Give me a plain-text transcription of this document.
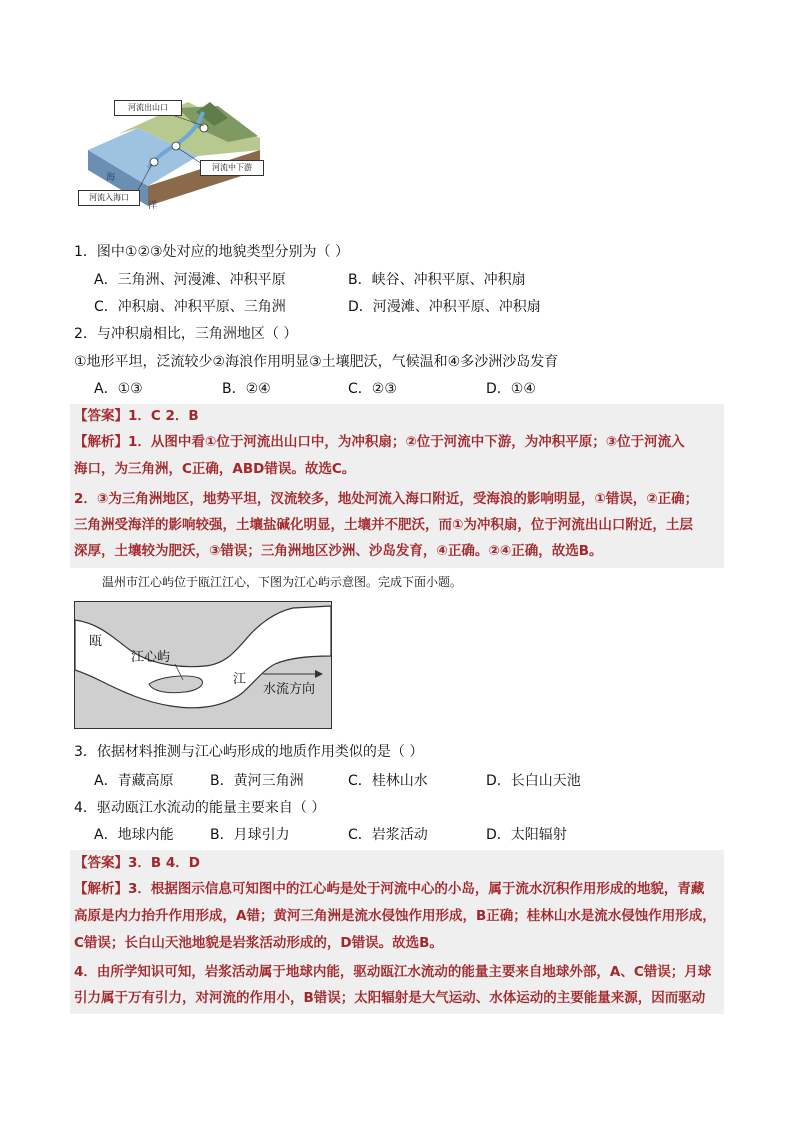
河流出山口
河流中下游
河流入海口
海
洋
1．图中①②③处对应的地貌类型分别为（ ）
A．三角洲、河漫滩、冲积平原	B．峡谷、冲积平原、冲积扇
C．冲积扇、冲积平原、三角洲	D．河漫滩、冲积平原、冲积扇
2．与冲积扇相比，三角洲地区（ ）
①地形平坦，泛流较少②海浪作用明显③土壤肥沃，气候温和④多沙洲沙岛发育
A．①③	B．②④	C．②③	D．①④
【答案】1．C 2．B
【解析】1．从图中看①位于河流出山口中，为冲积扇；②位于河流中下游，为冲积平原；③位于河流入
海口，为三角洲，C正确，ABD错误。故选C。
2．③为三角洲地区，地势平坦，汊流较多，地处河流入海口附近，受海浪的影响明显，①错误，②正确；
三角洲受海洋的影响较强，土壤盐碱化明显，土壤并不肥沃，而①为冲积扇，位于河流出山口附近，土层
深厚，土壤较为肥沃，③错误；三角洲地区沙洲、沙岛发育，④正确。②④正确，故选B。
温州市江心屿位于瓯江江心，下图为江心屿示意图。完成下面小题。
瓯
江心屿
江
水流方向
3．依据材料推测与江心屿形成的地质作用类似的是（ ）
A．青藏高原	B．黄河三角洲	C．桂林山水	D．长白山天池
4．驱动瓯江水流动的能量主要来自（ ）
A．地球内能	B．月球引力	C．岩浆活动	D．太阳辐射
【答案】3．B 4．D
【解析】3．根据图示信息可知图中的江心屿是处于河流中心的小岛，属于流水沉积作用形成的地貌，青藏
高原是内力抬升作用形成，A错；黄河三角洲是流水侵蚀作用形成，B正确；桂林山水是流水侵蚀作用形成，
C错误；长白山天池地貌是岩浆活动形成的，D错误。故选B。
4．由所学知识可知，岩浆活动属于地球内能，驱动瓯江水流动的能量主要来自地球外部，A、C错误；月球
引力属于万有引力，对河流的作用小，B错误；太阳辐射是大气运动、水体运动的主要能量来源，因而驱动
